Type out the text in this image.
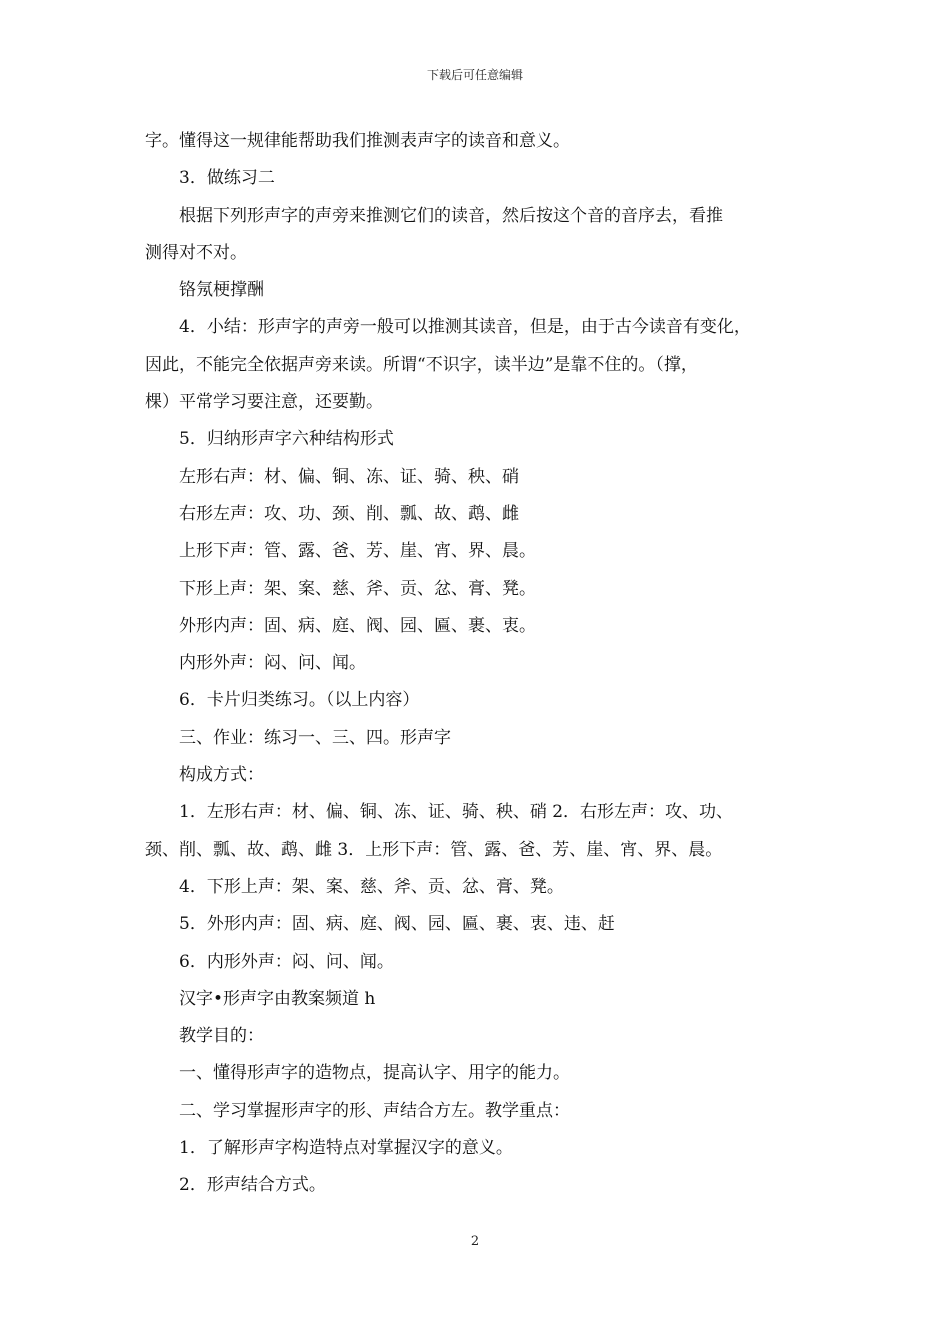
下载后可任意编辑

字。懂得这一规律能帮助我们推测表声字的读音和意义。

3．做练习二

根据下列形声字的声旁来推测它们的读音，然后按这个音的音序去，看推

测得对不对。

铬氖梗撑酬

4．小结：形声字的声旁一般可以推测其读音，但是，由于古今读音有变化，

因此，不能完全依据声旁来读。所谓“不识字，读半边”是靠不住的。（撑，

棵）平常学习要注意，还要勤。

5．归纳形声字六种结构形式

左形右声：材、偏、铜、冻、证、骑、秧、硝

右形左声：攻、功、颈、削、瓢、故、鹉、雌

上形下声：管、露、爸、芳、崖、宵、界、晨。

下形上声：架、案、慈、斧、贡、忿、膏、凳。

外形内声：固、病、庭、阀、园、匾、裹、衷。

内形外声：闷、问、闻。

6．卡片归类练习。（以上内容）

三、作业：练习一、三、四。形声字

构成方式：

1．左形右声：材、偏、铜、冻、证、骑、秧、硝 2．右形左声：攻、功、

颈、削、瓢、故、鹉、雌 3．上形下声：管、露、爸、芳、崖、宵、界、晨。

4．下形上声：架、案、慈、斧、贡、忿、膏、凳。

5．外形内声：固、病、庭、阀、园、匾、裹、衷、违、赶

6．内形外声：闷、问、闻。

汉字•形声字由教案频道 h

教学目的：

一、懂得形声字的造物点，提高认字、用字的能力。

二、学习掌握形声字的形、声结合方左。教学重点：

1．了解形声字构造特点对掌握汉字的意义。

2．形声结合方式。

2
